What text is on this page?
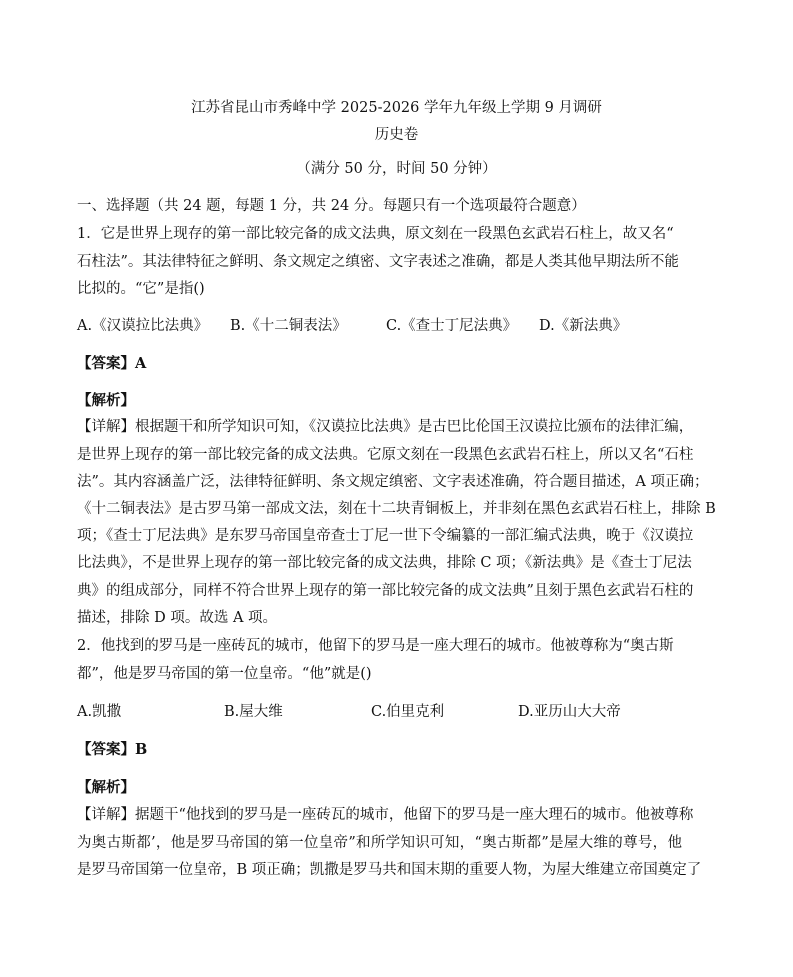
江苏省昆山市秀峰中学 2025-2026 学年九年级上学期 9 月调研
历史卷
（满分 50 分，时间 50 分钟）
一、选择题（共 24 题，每题 1 分，共 24 分。每题只有一个选项最符合题意）
1．它是世界上现存的第一部比较完备的成文法典，原文刻在一段黑色玄武岩石柱上，故又名“
石柱法”。其法律特征之鲜明、条文规定之缜密、文字表述之准确，都是人类其他早期法所不能
比拟的。“它”是指()
A.《汉谟拉比法典》 B.《十二铜表法》	C.《查士丁尼法典》 D.《新法典》
【答案】A
【解析】
【详解】根据题干和所学知识可知，《汉谟拉比法典》是古巴比伦国王汉谟拉比颁布的法律汇编，
是世界上现存的第一部比较完备的成文法典。它原文刻在一段黑色玄武岩石柱上，所以又名“石柱
法”。其内容涵盖广泛，法律特征鲜明、条文规定缜密、文字表述准确，符合题目描述，A 项正确；
《十二铜表法》是古罗马第一部成文法，刻在十二块青铜板上，并非刻在黑色玄武岩石柱上，排除 B
项；《查士丁尼法典》是东罗马帝国皇帝查士丁尼一世下令编纂的一部汇编式法典，晚于《汉谟拉
比法典》，不是世界上现存的第一部比较完备的成文法典，排除 C 项；《新法典》是《查士丁尼法
典》的组成部分，同样不符合世界上现存的第一部比较完备的成文法典”且刻于黑色玄武岩石柱的
描述，排除 D 项。故选 A 项。
2．他找到的罗马是一座砖瓦的城市，他留下的罗马是一座大理石的城市。他被尊称为“奥古斯
都”，他是罗马帝国的第一位皇帝。“他”就是()
A.凯撒	B.屋大维	C.伯里克利	D.亚历山大大帝
【答案】B
【解析】
【详解】据题干“他找到的罗马是一座砖瓦的城市，他留下的罗马是一座大理石的城市。他被尊称
为奥古斯都’，他是罗马帝国的第一位皇帝”和所学知识可知，“奥古斯都”是屋大维的尊号，他
是罗马帝国第一位皇帝，B 项正确；凯撒是罗马共和国末期的重要人物，为屋大维建立帝国奠定了
